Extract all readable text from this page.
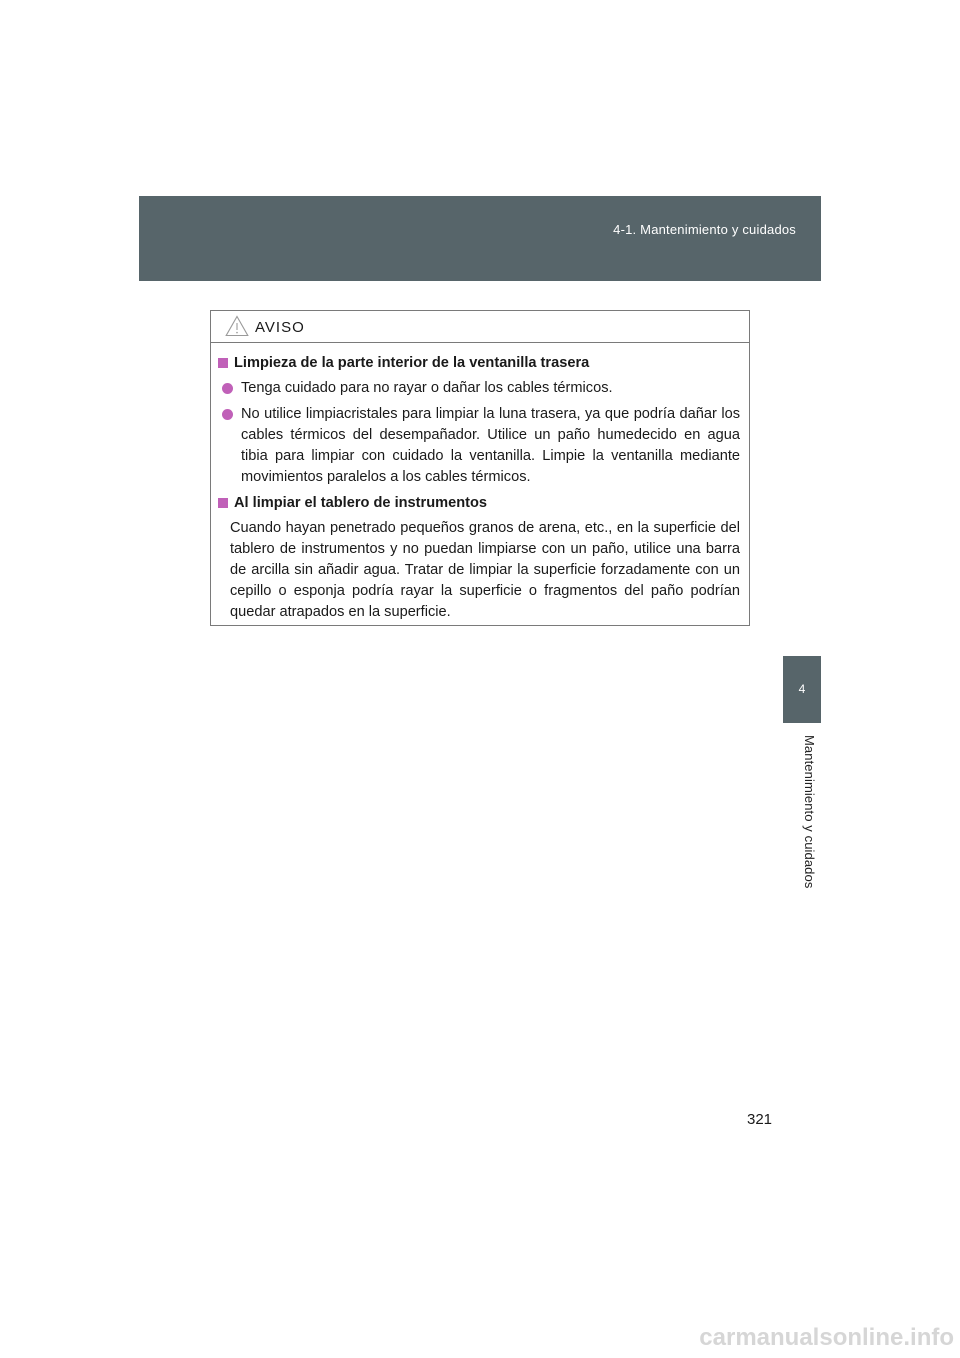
4-1. Mantenimiento y cuidados
4
Mantenimiento y cuidados
AVISO
Limpieza de la parte interior de la ventanilla trasera
Tenga cuidado para no rayar o dañar los cables térmicos.
No utilice limpiacristales para limpiar la luna trasera, ya que podría dañar los cables térmicos del desempañador. Utilice un paño humedecido en agua tibia para limpiar con cuidado la ventanilla. Limpie la ventanilla mediante movimientos paralelos a los cables térmicos.
Al limpiar el tablero de instrumentos
Cuando hayan penetrado pequeños granos de arena, etc., en la superficie del tablero de instrumentos y no puedan limpiarse con un paño, utilice una barra de arcilla sin añadir agua. Tratar de limpiar la superficie forzadamente con un cepillo o esponja podría rayar la superficie o fragmentos del paño podrían quedar atrapados en la superficie.
321
carmanualsonline.info
